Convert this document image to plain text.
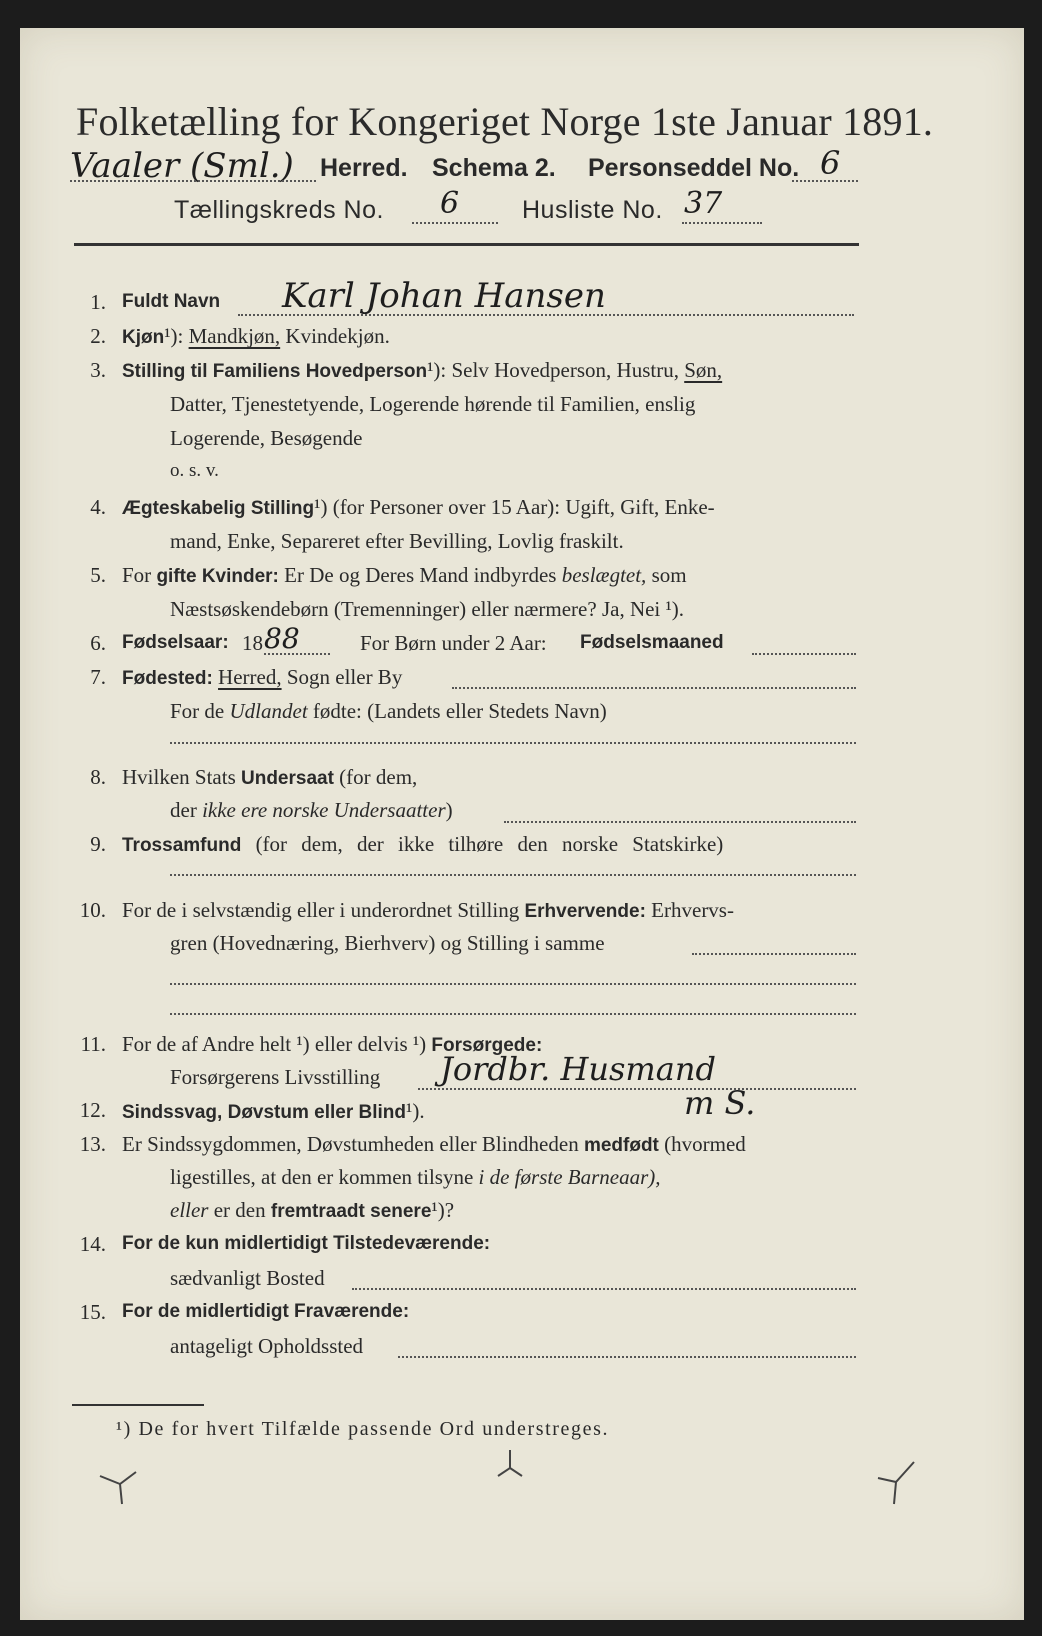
Folketælling for Kongeriget Norge 1ste Januar 1891.
Vaaler (Sml.) Herred. Schema 2. Personseddel No. 6
Tællingskreds No. 6	Husliste No. 37
1. Fuldt Navn Karl Johan Hansen
2. Kjøn¹): Mandkjøn, Kvindekjøn.
3. Stilling til Familiens Hovedperson¹): Selv Hovedperson, Hustru, Søn,
Datter, Tjenestetyende, Logerende hørende til Familien, enslig
Logerende, Besøgende
o. s. v.
4. Ægteskabelig Stilling¹) (for Personer over 15 Aar): Ugift, Gift, Enke-
mand, Enke, Separeret efter Bevilling, Lovlig fraskilt.
5. For gifte Kvinder: Er De og Deres Mand indbyrdes beslægtet, som
Næstsøskendebørn (Tremenninger) eller nærmere? Ja, Nei ¹).
6. Fødselsaar: 18 88	For Børn under 2 Aar: Fødselsmaaned
7. Fødested: Herred, Sogn eller By
For de Udlandet fødte: (Landets eller Stedets Navn)
8. Hvilken Stats Undersaat (for dem,
der ikke ere norske Undersaatter)
9. Trossamfund (for dem, der ikke tilhøre den norske Statskirke)
10. For de i selvstændig eller i underordnet Stilling Erhvervende: Erhvervs-
gren (Hovednæring, Bierhverv) og Stilling i samme
11. For de af Andre helt ¹) eller delvis ¹) Forsørgede:
Forsørgerens Livsstilling Jordbr. Husmand
12. Sindssvag, Døvstum eller Blind¹).	m S.
13. Er Sindssygdommen, Døvstumheden eller Blindheden medfødt (hvormed
ligestilles, at den er kommen tilsyne i de første Barneaar),
eller er den fremtraadt senere¹)?
14. For de kun midlertidigt Tilstedeværende:
sædvanligt Bosted
15. For de midlertidigt Fraværende:
antageligt Opholdssted
¹) De for hvert Tilfælde passende Ord understreges.
